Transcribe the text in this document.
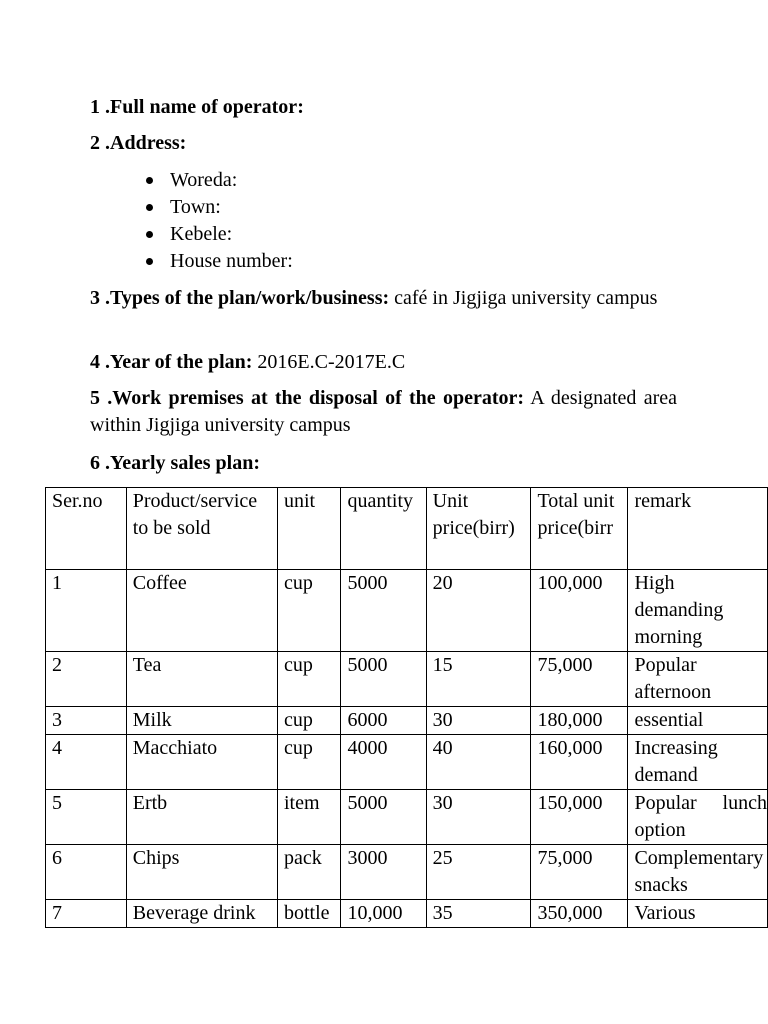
1 .Full name of operator:

2 .Address:

Woreda:
Town:
Kebele:
House number:

3 .Types of the plan/work/business: café in Jigjiga university campus

4 .Year of the plan: 2016E.C-2017E.C

5 .Work premises at the disposal of the operator: A designated area within Jigjiga university campus

6 .Yearly sales plan:

Ser.no	Product/service to be sold	unit	quantity	Unit price(birr)	Total unit price(birr	remark
1	Coffee	cup	5000	20	100,000	High demanding morning
2	Tea	cup	5000	15	75,000	Popular afternoon
3	Milk	cup	6000	30	180,000	essential
4	Macchiato	cup	4000	40	160,000	Increasing demand
5	Ertb	item	5000	30	150,000	Popular lunch option
6	Chips	pack	3000	25	75,000	Complementary snacks
7	Beverage drink	bottle	10,000	35	350,000	Various
